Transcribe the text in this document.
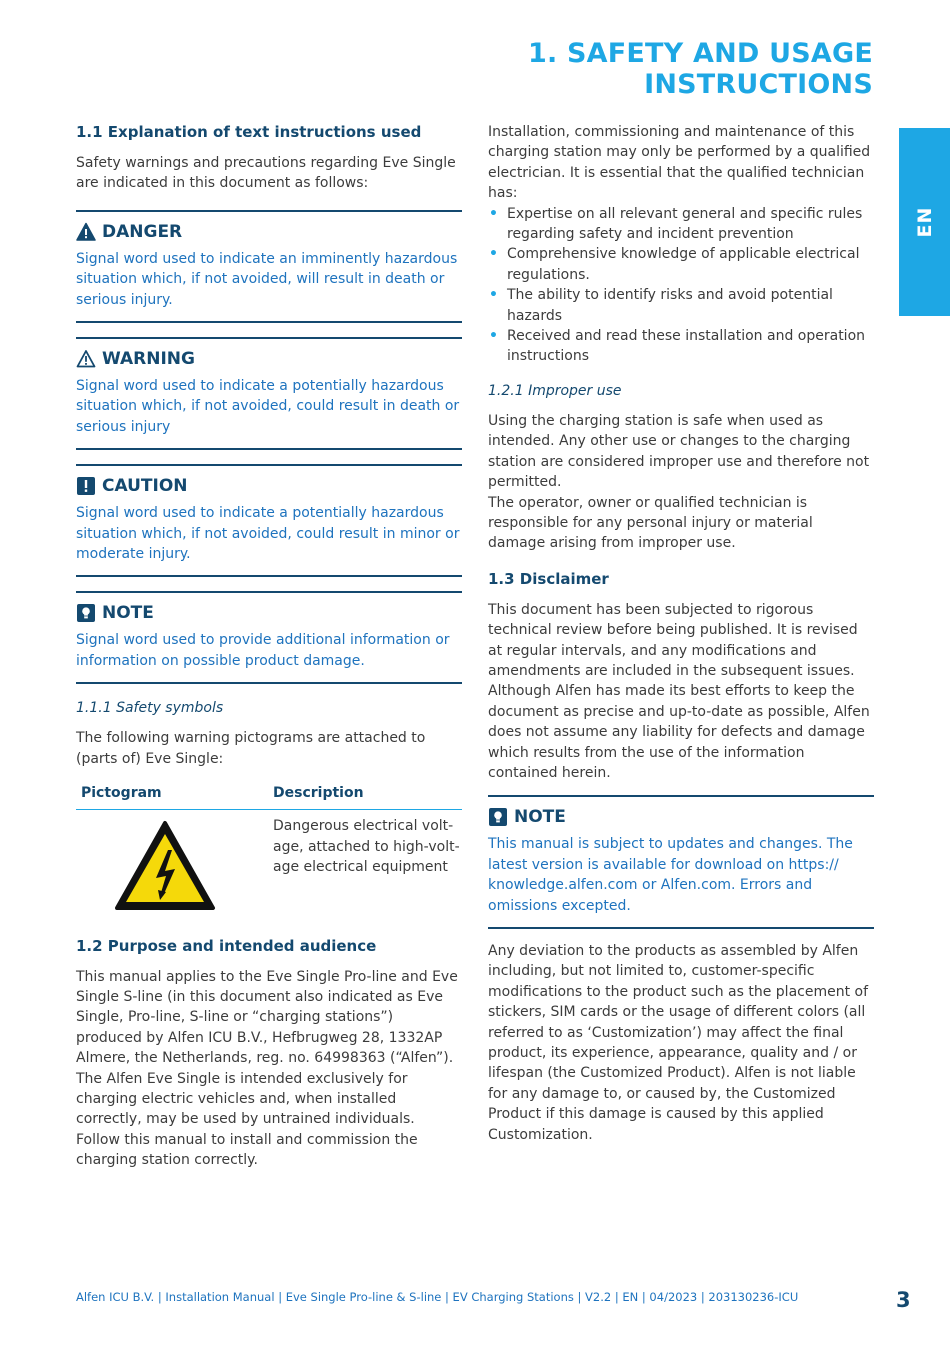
1. SAFETY AND USAGE INSTRUCTIONS
EN
1.1 Explanation of text instructions used

Safety warnings and precautions regarding Eve Single are indicated in this document as follows:

DANGER

Signal word used to indicate an imminently hazardous situation which, if not avoided, will result in death or serious injury.

WARNING

Signal word used to indicate a potentially hazardous situation which, if not avoided, could result in death or serious injury

CAUTION

Signal word used to indicate a potentially hazardous situation which, if not avoided, could result in minor or moderate injury.

NOTE

Signal word used to provide additional information or information on possible product damage.

1.1.1 Safety symbols

The following warning pictograms are attached to (parts of) Eve Single:

Pictogram	Description

Dangerous electrical volt-age, attached to high-volt-age electrical equipment

1.2 Purpose and intended audience

This manual applies to the Eve Single Pro-line and Eve Single S-line (in this document also indicated as Eve Single, Pro-line, S-line or “charging stations”) produced by Alfen ICU B.V., Hefbrugweg 28, 1332AP Almere, the Netherlands, reg. no. 64998363 (“Alfen”). The Alfen Eve Single is intended exclusively for charging electric vehicles and, when installed correctly, may be used by untrained individuals. Follow this manual to install and commission the charging station correctly.

Installation, commissioning and maintenance of this charging station may only be performed by a qualified electrician. It is essential that the qualified technician has:

• Expertise on all relevant general and specific rules regarding safety and incident prevention
• Comprehensive knowledge of applicable electrical regulations.
• The ability to identify risks and avoid potential hazards
• Received and read these installation and operation instructions
1.2.1 Improper use

Using the charging station is safe when used as intended. Any other use or changes to the charging station are considered improper use and therefore not permitted.

The operator, owner or qualified technician is responsible for any personal injury or material damage arising from improper use.

1.3 Disclaimer

This document has been subjected to rigorous technical review before being published. It is revised at regular intervals, and any modifications and amendments are included in the subsequent issues. Although Alfen has made its best efforts to keep the document as precise and up-to-date as possible, Alfen does not assume any liability for defects and damage which results from the use of the information contained herein.

NOTE

This manual is subject to updates and changes. The latest version is available for download on https:// knowledge.alfen.com or Alfen.com. Errors and omissions excepted.

Any deviation to the products as assembled by Alfen including, but not limited to, customer-specific modifications to the product such as the placement of stickers, SIM cards or the usage of different colors (all referred to as ‘Customization’) may affect the final product, its experience, appearance, quality and / or lifespan (the Customized Product). Alfen is not liable for any damage to, or caused by, the Customized Product if this damage is caused by this applied Customization.

Alfen ICU B.V. | Installation Manual | Eve Single Pro-line & S-line | EV Charging Stations | V2.2 | EN | 04/2023 | 203130236-ICU	3
